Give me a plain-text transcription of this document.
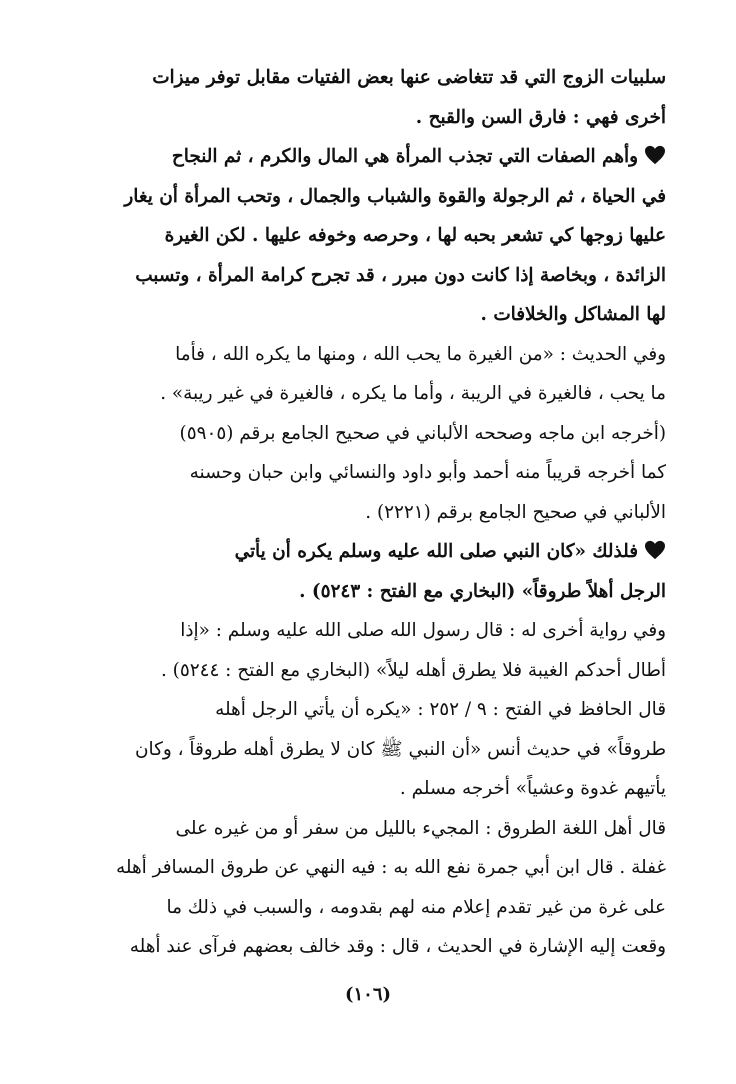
سلبيات الزوج التي قد تتغاضى عنها بعض الفتيات مقابل توفر ميزات
أخرى فهي : فارق السن والقبح .
وأهم الصفات التي تجذب المرأة هي المال والكرم ، ثم النجاح
في الحياة ، ثم الرجولة والقوة والشباب والجمال ، وتحب المرأة أن يغار
عليها زوجها كي تشعر بحبه لها ، وحرصه وخوفه عليها . لكن الغيرة
الزائدة ، وبخاصة إذا كانت دون مبرر ، قد تجرح كرامة المرأة ، وتسبب
لها المشاكل والخلافات .
وفي الحديث : «من الغيرة ما يحب الله ، ومنها ما يكره الله ، فأما
ما يحب ، فالغيرة في الريبة ، وأما ما يكره ، فالغيرة في غير ريبة» .
(أخرجه ابن ماجه وصححه الألباني في صحيح الجامع برقم (٥٩٠٥)
كما أخرجه قريباً منه أحمد وأبو داود والنسائي وابن حبان وحسنه
الألباني في صحيح الجامع برقم (٢٢٢١) .
فلذلك «كان النبي صلى الله عليه وسلم يكره أن يأتي
الرجل أهلاً طروقاً» (البخاري مع الفتح : ٥٢٤٣) .
وفي رواية أخرى له : قال رسول الله صلى الله عليه وسلم : «إذا
أطال أحدكم الغيبة فلا يطرق أهله ليلاً» (البخاري مع الفتح : ٥٢٤٤) .
قال الحافظ في الفتح : ٩ / ٢٥٢ : «يكره أن يأتي الرجل أهله
طروقاً» في حديث أنس «أن النبي ﷺ كان لا يطرق أهله طروقاً ، وكان
يأتيهم غدوة وعشياً» أخرجه مسلم .
قال أهل اللغة الطروق : المجيء بالليل من سفر أو من غيره على
غفلة . قال ابن أبي جمرة نفع الله به : فيه النهي عن طروق المسافر أهله
على غرة من غير تقدم إعلام منه لهم بقدومه ، والسبب في ذلك ما
وقعت إليه الإشارة في الحديث ، قال : وقد خالف بعضهم فرآى عند أهله
(١٠٦)
